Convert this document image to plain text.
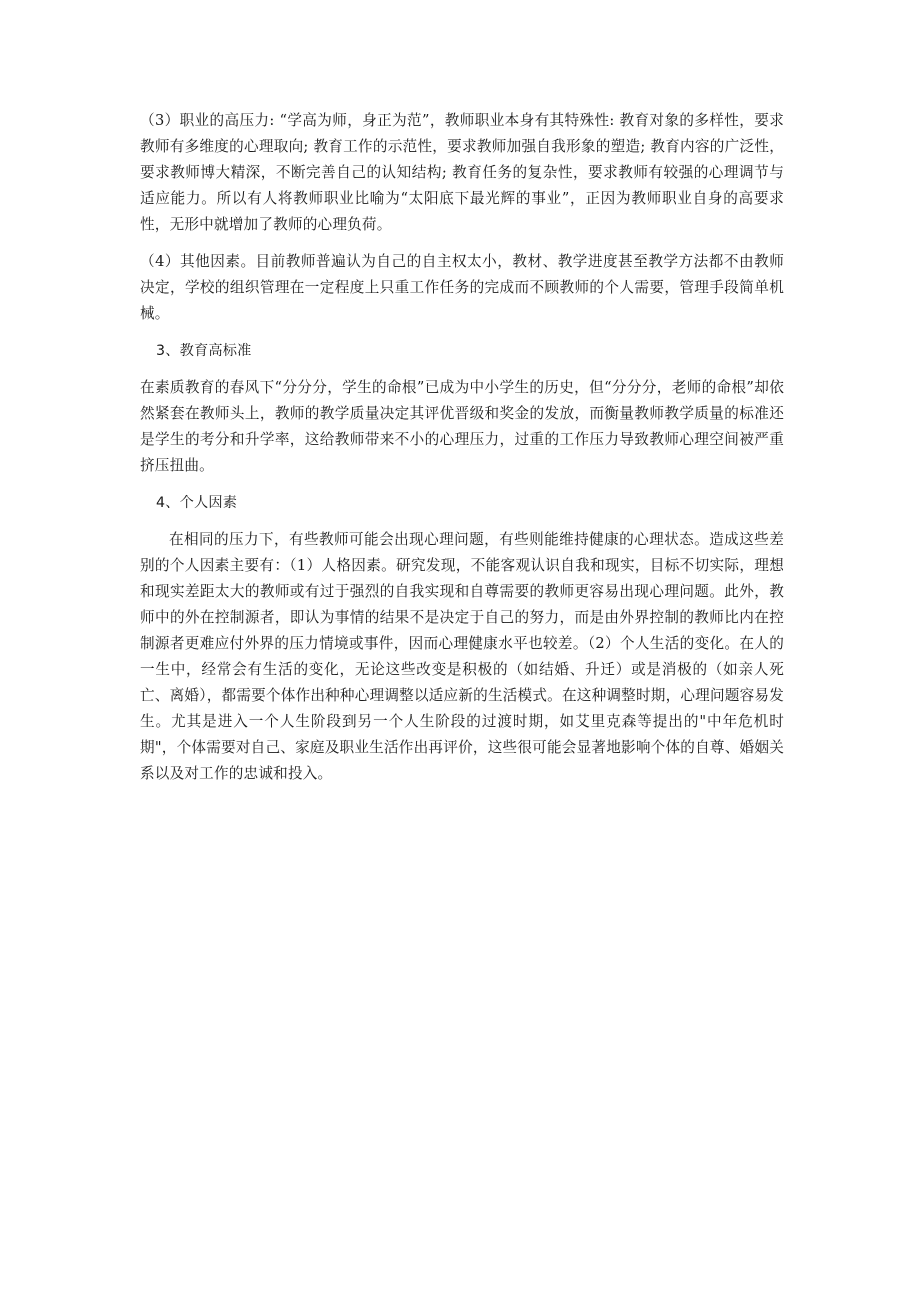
（3）职业的高压力: “学高为师，身正为范”，教师职业本身有其特殊性: 教育对象的多样性，要求教师有多维度的心理取向; 教育工作的示范性，要求教师加强自我形象的塑造; 教育内容的广泛性，要求教师博大精深，不断完善自己的认知结构; 教育任务的复杂性，要求教师有较强的心理调节与适应能力。所以有人将教师职业比喻为“太阳底下最光辉的事业”，正因为教师职业自身的高要求性，无形中就增加了教师的心理负荷。

（4）其他因素。目前教师普遍认为自己的自主权太小，教材、教学进度甚至教学方法都不由教师决定，学校的组织管理在一定程度上只重工作任务的完成而不顾教师的个人需要，管理手段简单机械。

3、教育高标准

在素质教育的春风下“分分分，学生的命根”已成为中小学生的历史，但“分分分，老师的命根”却依然紧套在教师头上，教师的教学质量决定其评优晋级和奖金的发放，而衡量教师教学质量的标准还是学生的考分和升学率，这给教师带来不小的心理压力，过重的工作压力导致教师心理空间被严重挤压扭曲。

4、个人因素

在相同的压力下，有些教师可能会出现心理问题，有些则能维持健康的心理状态。造成这些差别的个人因素主要有：（1）人格因素。研究发现，不能客观认识自我和现实，目标不切实际，理想和现实差距太大的教师或有过于强烈的自我实现和自尊需要的教师更容易出现心理问题。此外，教师中的外在控制源者，即认为事情的结果不是决定于自己的努力，而是由外界控制的教师比内在控制源者更难应付外界的压力情境或事件，因而心理健康水平也较差。（2）个人生活的变化。在人的一生中，经常会有生活的变化，无论这些改变是积极的（如结婚、升迁）或是消极的（如亲人死亡、离婚），都需要个体作出种种心理调整以适应新的生活模式。在这种调整时期，心理问题容易发生。尤其是进入一个人生阶段到另一个人生阶段的过渡时期，如艾里克森等提出的"中年危机时期"，个体需要对自己、家庭及职业生活作出再评价，这些很可能会显著地影响个体的自尊、婚姻关系以及对工作的忠诚和投入。
